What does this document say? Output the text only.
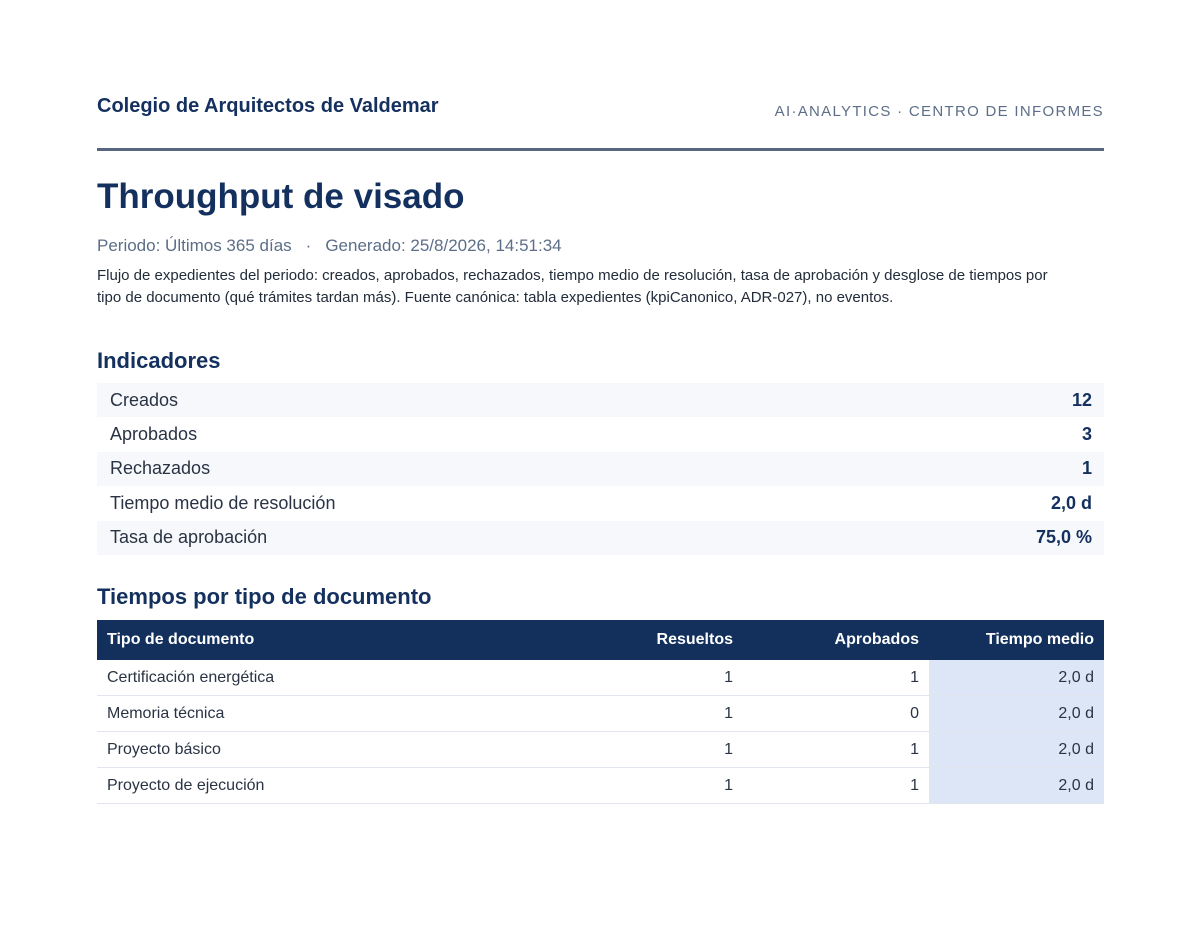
Colegio de Arquitectos de Valdemar	AI·ANALYTICS · CENTRO DE INFORMES
Throughput de visado
Periodo: Últimos 365 días · Generado: 25/8/2026, 14:51:34

Flujo de expedientes del periodo: creados, aprobados, rechazados, tiempo medio de resolución, tasa de aprobación y desglose de tiempos por tipo de documento (qué trámites tardan más). Fuente canónica: tabla expedientes (kpiCanonico, ADR-027), no eventos.

Indicadores
Creados	12
Aprobados	3
Rechazados	1
Tiempo medio de resolución	2,0 d
Tasa de aprobación	75,0 %
Tiempos por tipo de documento
Tipo de documento	Resueltos	Aprobados	Tiempo medio
Certificación energética	1	1	2,0 d
Memoria técnica	1	0	2,0 d
Proyecto básico	1	1	2,0 d
Proyecto de ejecución	1	1	2,0 d
